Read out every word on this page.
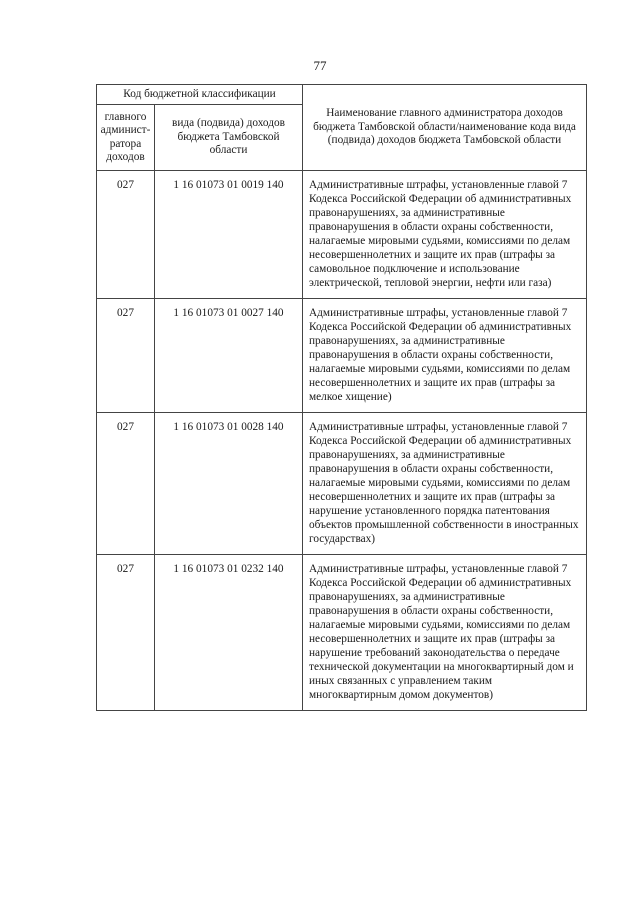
77
Код бюджетной классификации		Наименование главного администратора доходов бюджета Тамбовской области/наименование кода вида (подвида) доходов бюджета Тамбовской области
главного админист-ратора доходов	вида (подвида) доходов бюджета Тамбовской области	
027	1 16 01073 01 0019 140	Административные штрафы, установленные главой 7 Кодекса Российской Федерации об административных правонарушениях, за административные правонарушения в области охраны собственности, налагаемые мировыми судьями, комиссиями по делам несовершеннолетних и защите их прав (штрафы за самовольное подключение и использование электрической, тепловой энергии, нефти или газа)
027	1 16 01073 01 0027 140	Административные штрафы, установленные главой 7 Кодекса Российской Федерации об административных правонарушениях, за административные правонарушения в области охраны собственности, налагаемые мировыми судьями, комиссиями по делам несовершеннолетних и защите их прав (штрафы за мелкое хищение)
027	1 16 01073 01 0028 140	Административные штрафы, установленные главой 7 Кодекса Российской Федерации об административных правонарушениях, за административные правонарушения в области охраны собственности, налагаемые мировыми судьями, комиссиями по делам несовершеннолетних и защите их прав (штрафы за нарушение установленного порядка патентования объектов промышленной собственности в иностранных государствах)
027	1 16 01073 01 0232 140	Административные штрафы, установленные главой 7 Кодекса Российской Федерации об административных правонарушениях, за административные правонарушения в области охраны собственности, налагаемые мировыми судьями, комиссиями по делам несовершеннолетних и защите их прав (штрафы за нарушение требований законодательства о передаче технической документации на многоквартирный дом и иных связанных с управлением таким многоквартирным домом документов)
